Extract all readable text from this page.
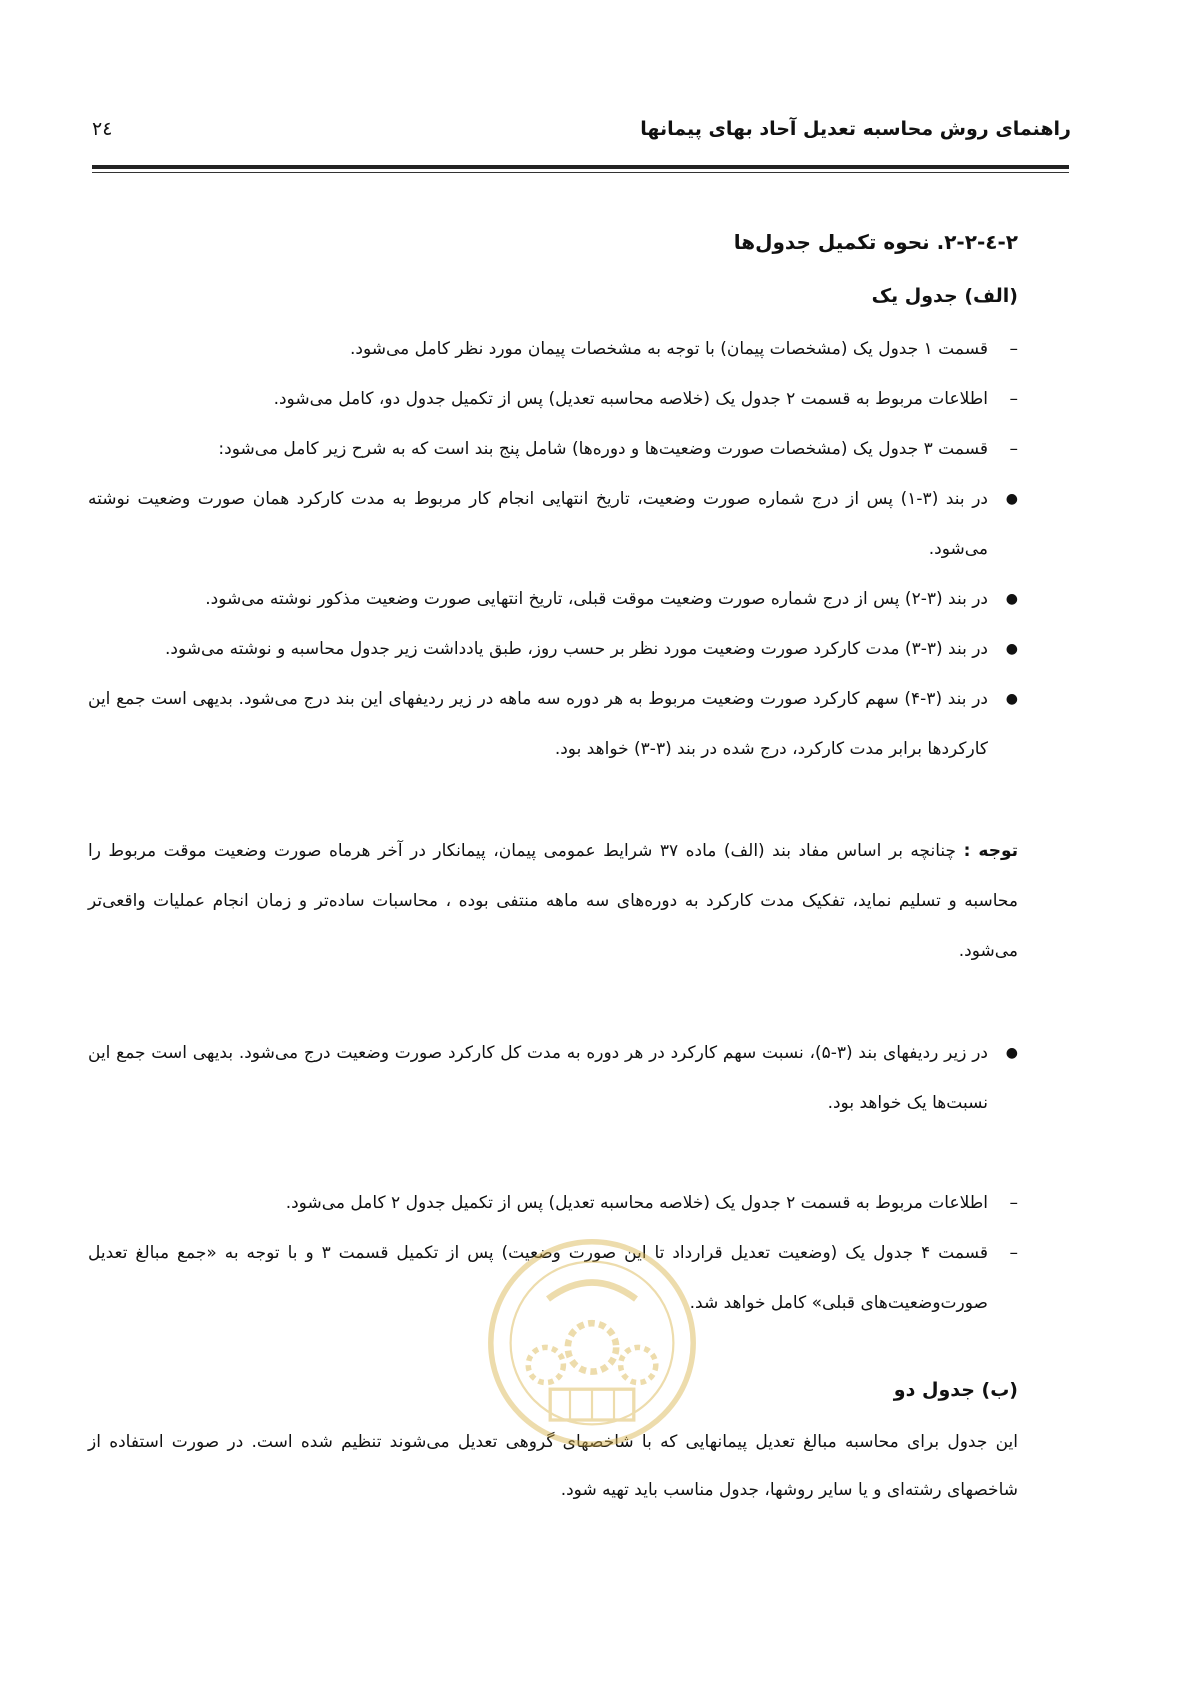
راهنمای روش محاسبه تعدیل آحاد بهای پیمانها
۲٤
۲-٤-۲-۲. نحوه تکمیل جدول‌ها
(الف) جدول یک
–
قسمت ۱ جدول یک (مشخصات پیمان) با توجه به مشخصات پیمان مورد نظر کامل می‌شود.
–
اطلاعات مربوط به قسمت ۲ جدول یک (خلاصه محاسبه تعدیل) پس از تکمیل جدول دو، کامل می‌شود.
–
قسمت ۳ جدول یک (مشخصات صورت وضعیت‌ها و دوره‌ها) شامل پنج بند است که به شرح زیر کامل می‌شود:
●
در بند (۳-۱) پس از درج شماره صورت وضعیت، تاریخ انتهایی انجام کار مربوط به مدت کارکرد همان صورت وضعیت نوشته می‌شود.
●
در بند (۳-۲) پس از درج شماره صورت وضعیت موقت قبلی، تاریخ انتهایی صورت وضعیت مذکور نوشته می‌شود.
●
در بند (۳-۳) مدت کارکرد صورت وضعیت مورد نظر بر حسب روز، طبق یادداشت زیر جدول محاسبه و نوشته می‌شود.
●
در بند (۳-۴) سهم کارکرد صورت وضعیت مربوط به هر دوره سه ماهه در زیر ردیفهای این بند درج می‌شود. بدیهی است جمع این کارکردها برابر مدت کارکرد، درج شده در بند (۳-۳) خواهد بود.
توجه : چنانچه بر اساس مفاد بند (الف) ماده ۳۷ شرایط عمومی پیمان، پیمانکار در آخر هرماه صورت وضعیت موقت مربوط را محاسبه و تسلیم نماید، تفکیک مدت کارکرد به دوره‌های سه ماهه منتفی بوده ، محاسبات ساده‌تر و زمان انجام عملیات واقعی‌تر می‌شود.
●
در زیر ردیفهای بند (۳-۵)، نسبت سهم کارکرد در هر دوره به مدت کل کارکرد صورت وضعیت درج می‌شود. بدیهی است جمع این نسبت‌ها یک خواهد بود.
–
اطلاعات مربوط به قسمت ۲ جدول یک (خلاصه محاسبه تعدیل) پس از تکمیل جدول ۲ کامل می‌شود.
–
قسمت ۴ جدول یک (وضعیت تعدیل قرارداد تا این صورت وضعیت) پس از تکمیل قسمت ۳ و با توجه به «جمع مبالغ تعدیل صورت‌وضعیت‌های قبلی» کامل خواهد شد.
(ب) جدول دو
این جدول برای محاسبه مبالغ تعدیل پیمانهایی که با شاخصهای گروهی تعدیل می‌شوند تنظیم شده است. در صورت استفاده از شاخصهای رشته‌ای و یا سایر روشها، جدول مناسب باید تهیه شود.
